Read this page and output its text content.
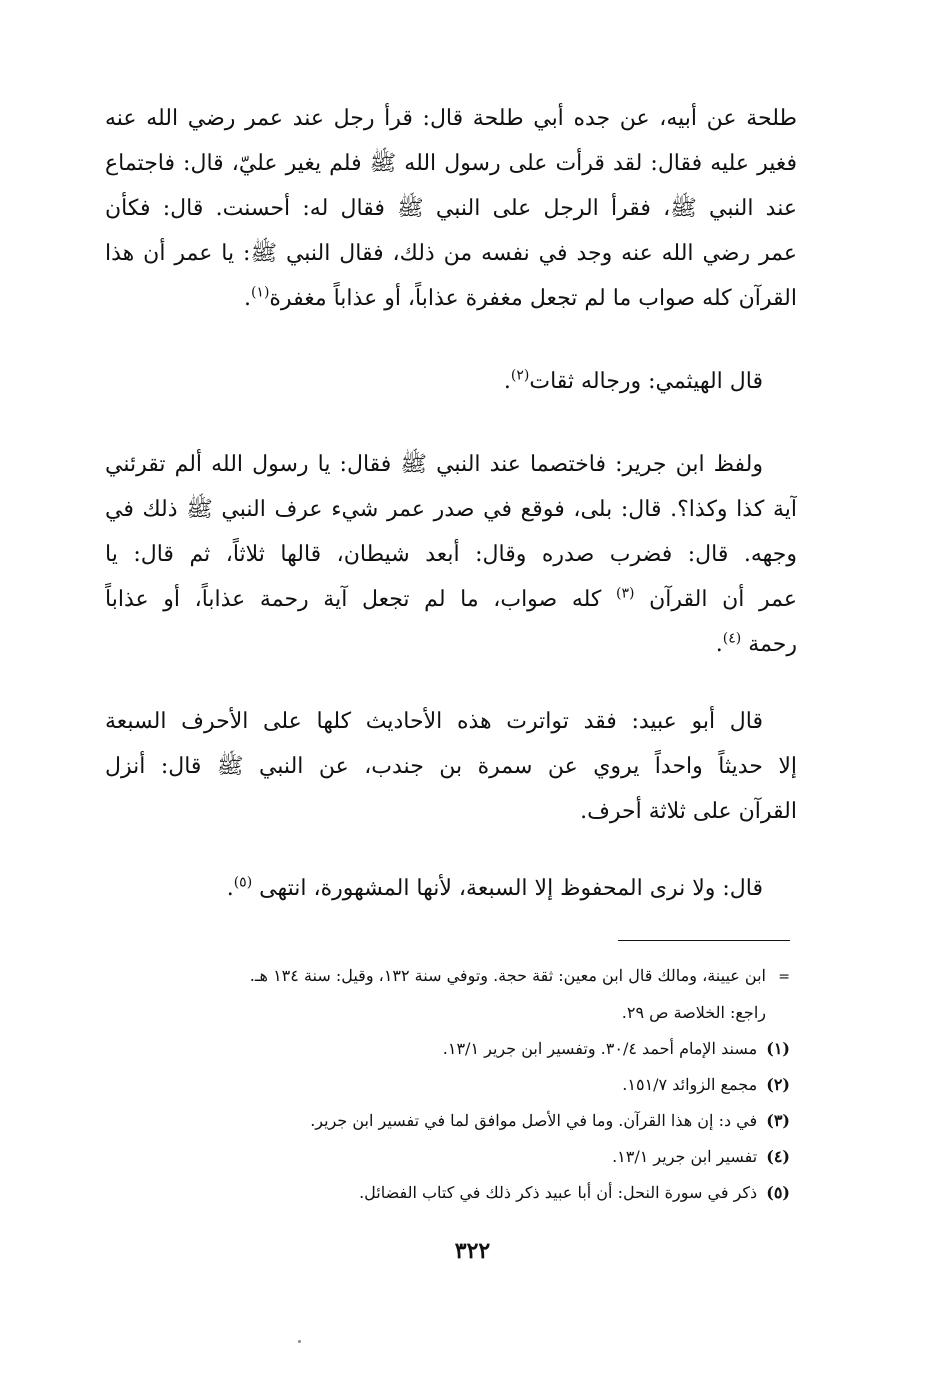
طلحة عن أبيه، عن جده أبي طلحة قال: قرأ رجل عند عمر رضي الله عنه
فغير عليه فقال: لقد قرأت على رسول الله ﷺ فلم يغير عليّ، قال: فاجتماع
عند النبي ﷺ، فقرأ الرجل على النبي ﷺ فقال له: أحسنت. قال: فكأن
عمر رضي الله عنه وجد في نفسه من ذلك، فقال النبي ﷺ: يا عمر أن هذا
القرآن كله صواب ما لم تجعل مغفرة عذاباً، أو عذاباً مغفرة$^{(١)}$.

قال الهيثمي: ورجاله ثقات$^{(٢)}$.

ولفظ ابن جرير: فاختصما عند النبي ﷺ فقال: يا رسول الله ألم تقرئني
آية كذا وكذا؟. قال: بلى، فوقع في صدر عمر شيء عرف النبي ﷺ ذلك في
وجهه. قال: فضرب صدره وقال: أبعد شيطان، قالها ثلاثاً، ثم قال: يا
عمر أن القرآن $^{(٣)}$ كله صواب، ما لم تجعل آية رحمة عذاباً، أو عذاباً
رحمة $^{(٤)}$.

قال أبو عبيد: فقد تواترت هذه الأحاديث كلها على الأحرف السبعة
إلا حديثاً واحداً يروي عن سمرة بن جندب، عن النبي ﷺ قال: أنزل
القرآن على ثلاثة أحرف.

قال: ولا نرى المحفوظ إلا السبعة، لأنها المشهورة، انتهى $^{(٥)}$.

=ابن عيينة، ومالك قال ابن معين: ثقة حجة. وتوفي سنة ١٣٢، وقيل: سنة ١٣٤ هـ.
راجع: الخلاصة ص ٢٩.
(١) مسند الإمام أحمد ٣٠/٤. وتفسير ابن جرير ١٣/١.
(٢) مجمع الزوائد ١٥١/٧.
(٣) في د: إن هذا القرآن. وما في الأصل موافق لما في تفسير ابن جرير.
(٤) تفسير ابن جرير ١٣/١.
(٥) ذكر في سورة النحل: أن أبا عبيد ذكر ذلك في كتاب الفضائل.
٣٢٢
